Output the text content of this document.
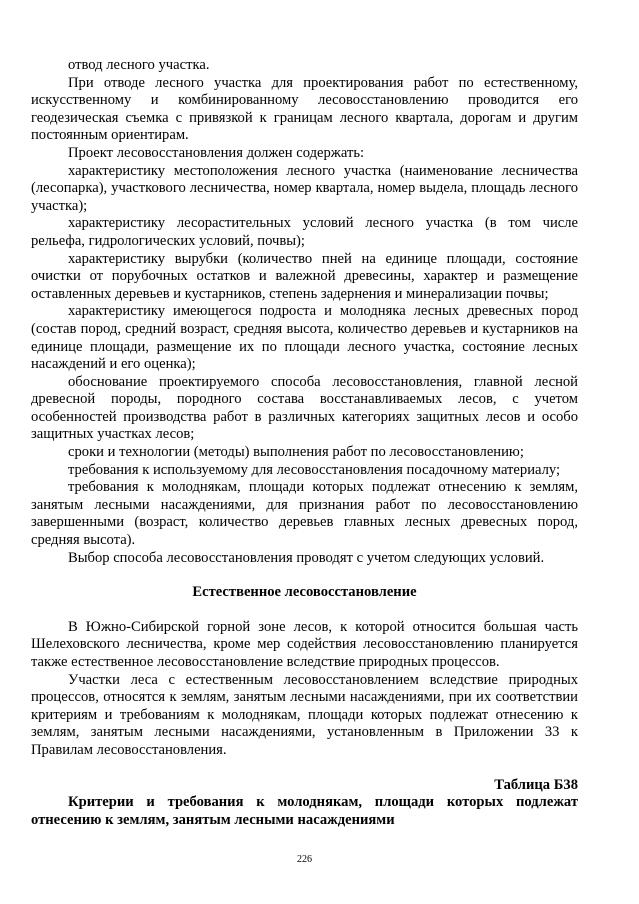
отвод лесного участка.

При отводе лесного участка для проектирования работ по естественному, искусственному и комбинированному лесовосстановлению проводится его геодезическая съемка с привязкой к границам лесного квартала, дорогам и другим постоянным ориентирам.

Проект лесовосстановления должен содержать:

характеристику местоположения лесного участка (наименование лесничества (лесопарка), участкового лесничества, номер квартала, номер выдела, площадь лесного участка);

характеристику лесорастительных условий лесного участка (в том числе рельефа, гидрологических условий, почвы);

характеристику вырубки (количество пней на единице площади, состояние очистки от порубочных остатков и валежной древесины, характер и размещение оставленных деревьев и кустарников, степень задернения и минерализации почвы;

характеристику имеющегося подроста и молодняка лесных древесных пород (состав пород, средний возраст, средняя высота, количество деревьев и кустарников на единице площади, размещение их по площади лесного участка, состояние лесных насаждений и его оценка);

обоснование проектируемого способа лесовосстановления, главной лесной древесной породы, породного состава восстанавливаемых лесов, с учетом особенностей производства работ в различных категориях защитных лесов и особо защитных участках лесов;

сроки и технологии (методы) выполнения работ по лесовосстановлению;

требования к используемому для лесовосстановления посадочному материалу;

требования к молоднякам, площади которых подлежат отнесению к землям, занятым лесными насаждениями, для признания работ по лесовосстановлению завершенными (возраст, количество деревьев главных лесных древесных пород, средняя высота).

Выбор способа лесовосстановления проводят с учетом следующих условий.

Естественное лесовосстановление

В Южно-Сибирской горной зоне лесов, к которой относится большая часть Шелеховского лесничества, кроме мер содействия лесовосстановлению планируется также естественное лесовосстановление вследствие природных процессов.

Участки леса с естественным лесовосстановлением вследствие природных процессов, относятся к землям, занятым лесными насаждениями, при их соответствии критериям и требованиям к молоднякам, площади которых подлежат отнесению к землям, занятым лесными насаждениями, установленным в Приложении 33 к Правилам лесовосстановления.

Таблица Б38

Критерии и требования к молоднякам, площади которых подлежат отнесению к землям, занятым лесными насаждениями

226
